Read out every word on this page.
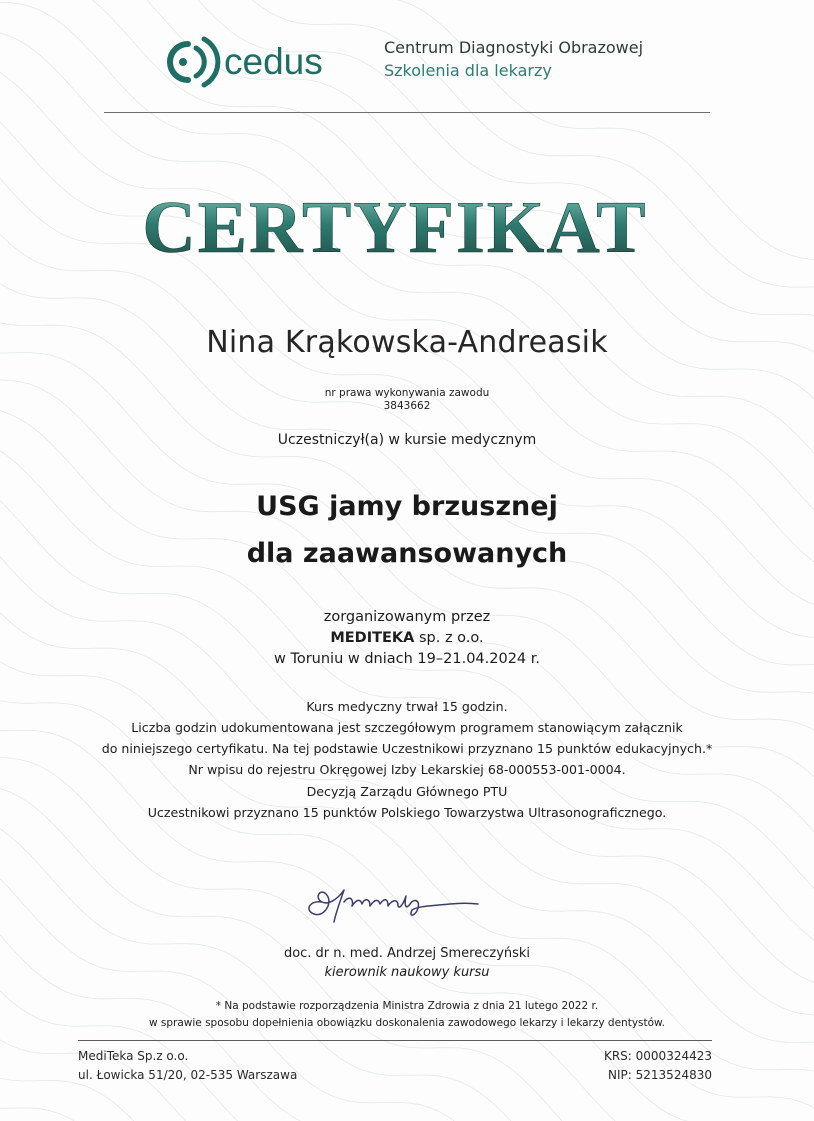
cedus	Centrum Diagnostyki Obrazowej
Szkolenia dla lekarzy
CERTYFIKAT
Nina Krąkowska-Andreasik
nr prawa wykonywania zawodu
3843662
Uczestniczył(a) w kursie medycznym
USG jamy brzusznej
dla zaawansowanych
zorganizowanym przez
MEDITEKA sp. z o.o.
w Toruniu w dniach 19–21.04.2024 r.
Kurs medyczny trwał 15 godzin.
Liczba godzin udokumentowana jest szczegółowym programem stanowiącym załącznik
do niniejszego certyfikatu. Na tej podstawie Uczestnikowi przyznano 15 punktów edukacyjnych.*
Nr wpisu do rejestru Okręgowej Izby Lekarskiej 68-000553-001-0004.
Decyzją Zarządu Głównego PTU
Uczestnikowi przyznano 15 punktów Polskiego Towarzystwa Ultrasonograficznego.
doc. dr n. med. Andrzej Smereczyński
kierownik naukowy kursu
* Na podstawie rozporządzenia Ministra Zdrowia z dnia 21 lutego 2022 r.
w sprawie sposobu dopełnienia obowiązku doskonalenia zawodowego lekarzy i lekarzy dentystów.
MediTeka Sp.z o.o.
ul. Łowicka 51/20, 02-535 Warszawa
KRS: 0000324423
NIP: 5213524830
